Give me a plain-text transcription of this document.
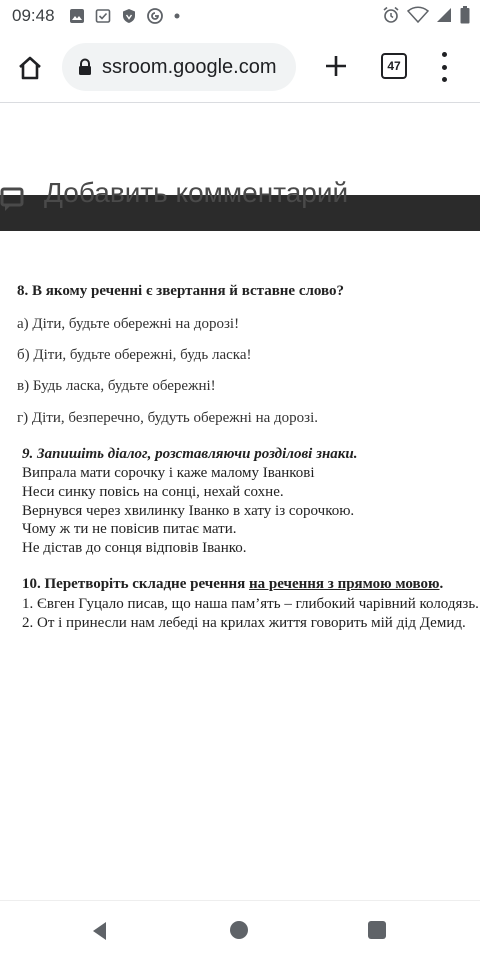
09:48
ssroom.google.com	47
Добавить комментарий
8. В якому реченні є звертання й вставне слово?
а) Діти, будьте обережні на дорозі!
б) Діти, будьте обережні, будь ласка!
в) Будь ласка, будьте обережні!
г) Діти, безперечно, будуть обережні на дорозі.
9. Запишіть діалог, розставляючи розділові знаки.
Випрала мати сорочку і каже малому Іванкові
Неси синку повісь на сонці, нехай сохне.
Вернувся через хвилинку Іванко в хату із сорочкою.
Чому ж ти не повісив питає мати.
Не дістав до сонця відповів Іванко.
10. Перетворіть складне речення на речення з прямою мовою.
1. Євген Гуцало писав, що наша пам’ять – глибокий чарівний колодязь.
2. От і принесли нам лебеді на крилах життя говорить мій дід Демид.
